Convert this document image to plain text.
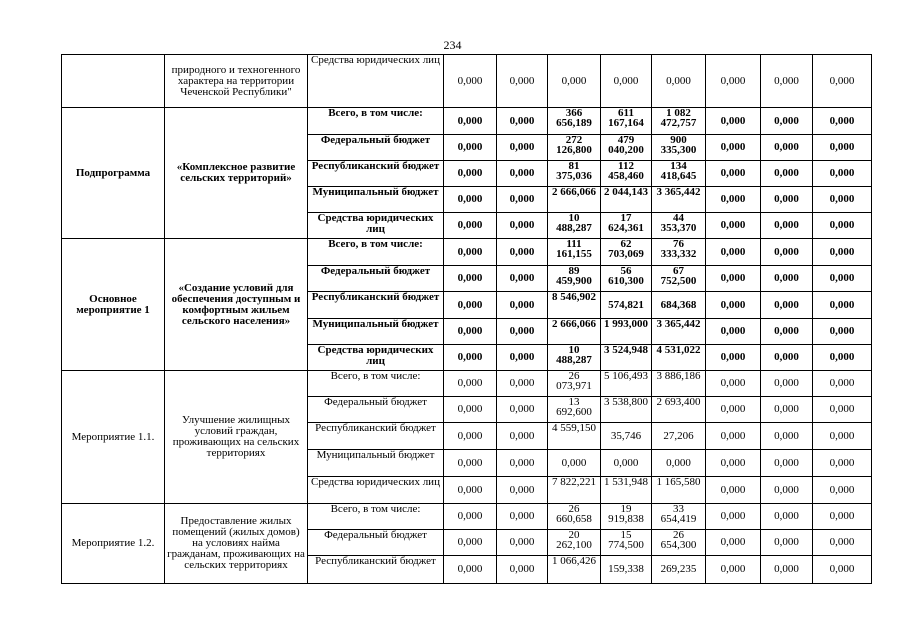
234
	природного и техногенного характера на территории Чеченской Республики"	Средства юридических лиц	0,000	0,000	0,000	0,000	0,000	0,000	0,000	0,000
Подпрограмма	«Комплексное развитие сельских территорий»	Всего, в том числе:	0,000	0,000	366 656,189	611 167,164	1 082 472,757	0,000	0,000	0,000
		Федеральный бюджет	0,000	0,000	272 126,800	479 040,200	900 335,300	0,000	0,000	0,000
		Республиканский бюджет	0,000	0,000	81 375,036	112 458,460	134 418,645	0,000	0,000	0,000
		Муниципальный бюджет	0,000	0,000	2 666,066	2 044,143	3 365,442	0,000	0,000	0,000
		Средства юридических лиц	0,000	0,000	10 488,287	17 624,361	44 353,370	0,000	0,000	0,000
Основное мероприятие 1	«Создание условий для обеспечения доступным и комфортным жильем сельского населения»	Всего, в том числе:	0,000	0,000	111 161,155	62 703,069	76 333,332	0,000	0,000	0,000
		Федеральный бюджет	0,000	0,000	89 459,900	56 610,300	67 752,500	0,000	0,000	0,000
		Республиканский бюджет	0,000	0,000	8 546,902	574,821	684,368	0,000	0,000	0,000
		Муниципальный бюджет	0,000	0,000	2 666,066	1 993,000	3 365,442	0,000	0,000	0,000
		Средства юридических лиц	0,000	0,000	10 488,287	3 524,948	4 531,022	0,000	0,000	0,000
Мероприятие 1.1.	Улучшение жилищных условий граждан, проживающих на сельских территориях	Всего, в том числе:	0,000	0,000	26 073,971	5 106,493	3 886,186	0,000	0,000	0,000
		Федеральный бюджет	0,000	0,000	13 692,600	3 538,800	2 693,400	0,000	0,000	0,000
		Республиканский бюджет	0,000	0,000	4 559,150	35,746	27,206	0,000	0,000	0,000
		Муниципальный бюджет	0,000	0,000	0,000	0,000	0,000	0,000	0,000	0,000
		Средства юридических лиц	0,000	0,000	7 822,221	1 531,948	1 165,580	0,000	0,000	0,000
Мероприятие 1.2.	Предоставление жилых помещений (жилых домов) на условиях найма гражданам, проживающих на сельских территориях	Всего, в том числе:	0,000	0,000	26 660,658	19 919,838	33 654,419	0,000	0,000	0,000
		Федеральный бюджет	0,000	0,000	20 262,100	15 774,500	26 654,300	0,000	0,000	0,000
		Республиканский бюджет	0,000	0,000	1 066,426	159,338	269,235	0,000	0,000	0,000
